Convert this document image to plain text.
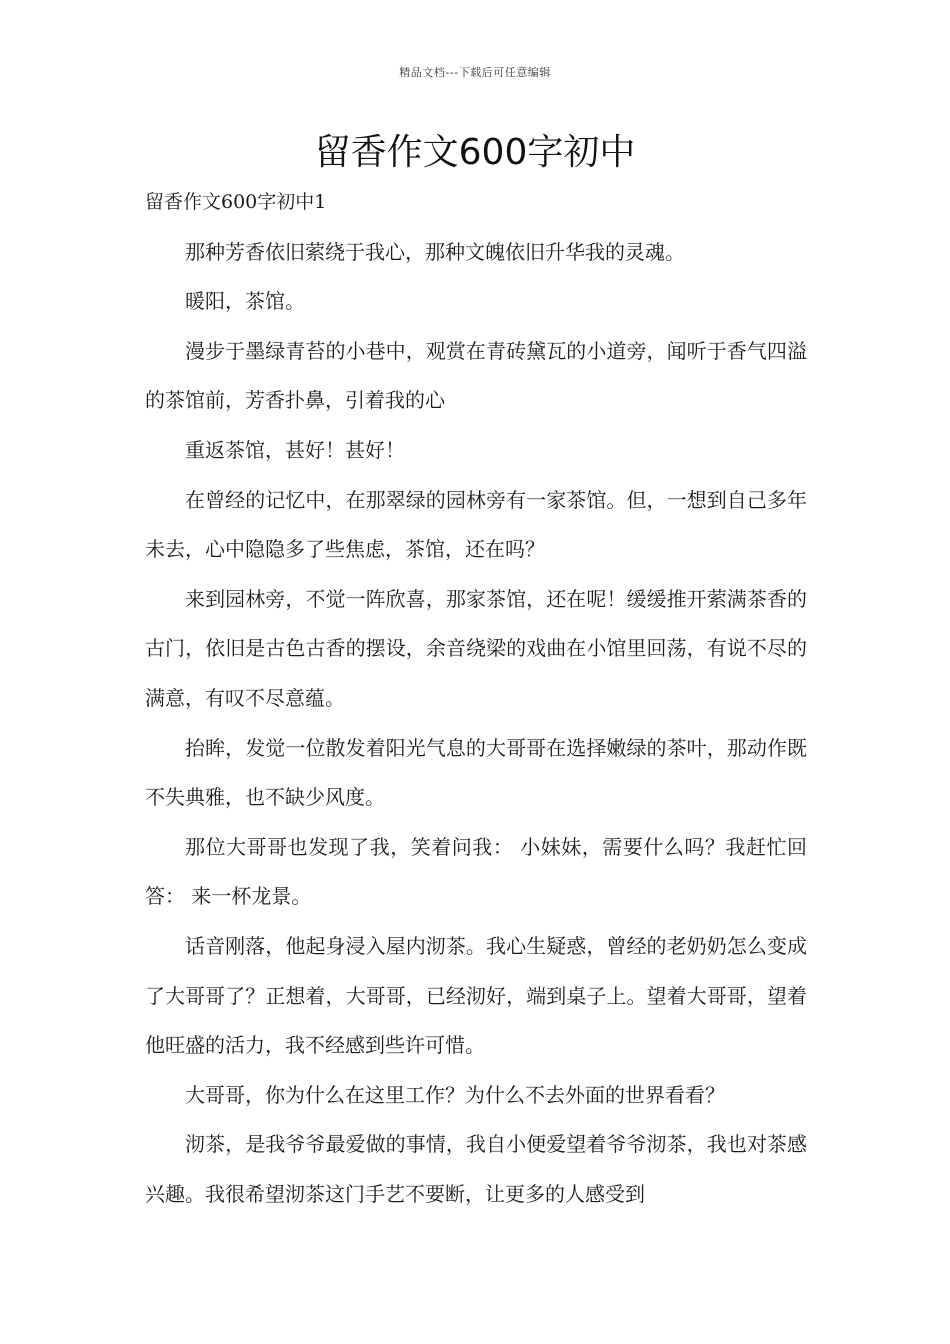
精品文档---下载后可任意编辑
留香作文600字初中

留香作文600字初中1

那种芳香依旧萦绕于我心，那种文魄依旧升华我的灵魂。

暖阳，茶馆。

漫步于墨绿青苔的小巷中，观赏在青砖黛瓦的小道旁，闻听于香气四溢的茶馆前，芳香扑鼻，引着我的心

重返茶馆，甚好！甚好！

在曾经的记忆中，在那翠绿的园林旁有一家茶馆。但，一想到自己多年未去，心中隐隐多了些焦虑，茶馆，还在吗？

来到园林旁，不觉一阵欣喜，那家茶馆，还在呢！缓缓推开萦满茶香的古门，依旧是古色古香的摆设，余音绕梁的戏曲在小馆里回荡，有说不尽的满意，有叹不尽意蕴。

抬眸，发觉一位散发着阳光气息的大哥哥在选择嫩绿的茶叶，那动作既不失典雅，也不缺少风度。

那位大哥哥也发现了我，笑着问我： 小妹妹，需要什么吗？我赶忙回答： 来一杯龙景。

话音刚落，他起身浸入屋内沏茶。我心生疑惑，曾经的老奶奶怎么变成了大哥哥了？正想着，大哥哥，已经沏好，端到桌子上。望着大哥哥，望着他旺盛的活力，我不经感到些许可惜。

大哥哥，你为什么在这里工作？为什么不去外面的世界看看？

沏茶，是我爷爷最爱做的事情，我自小便爱望着爷爷沏茶，我也对茶感兴趣。我很希望沏茶这门手艺不要断，让更多的人感受到
